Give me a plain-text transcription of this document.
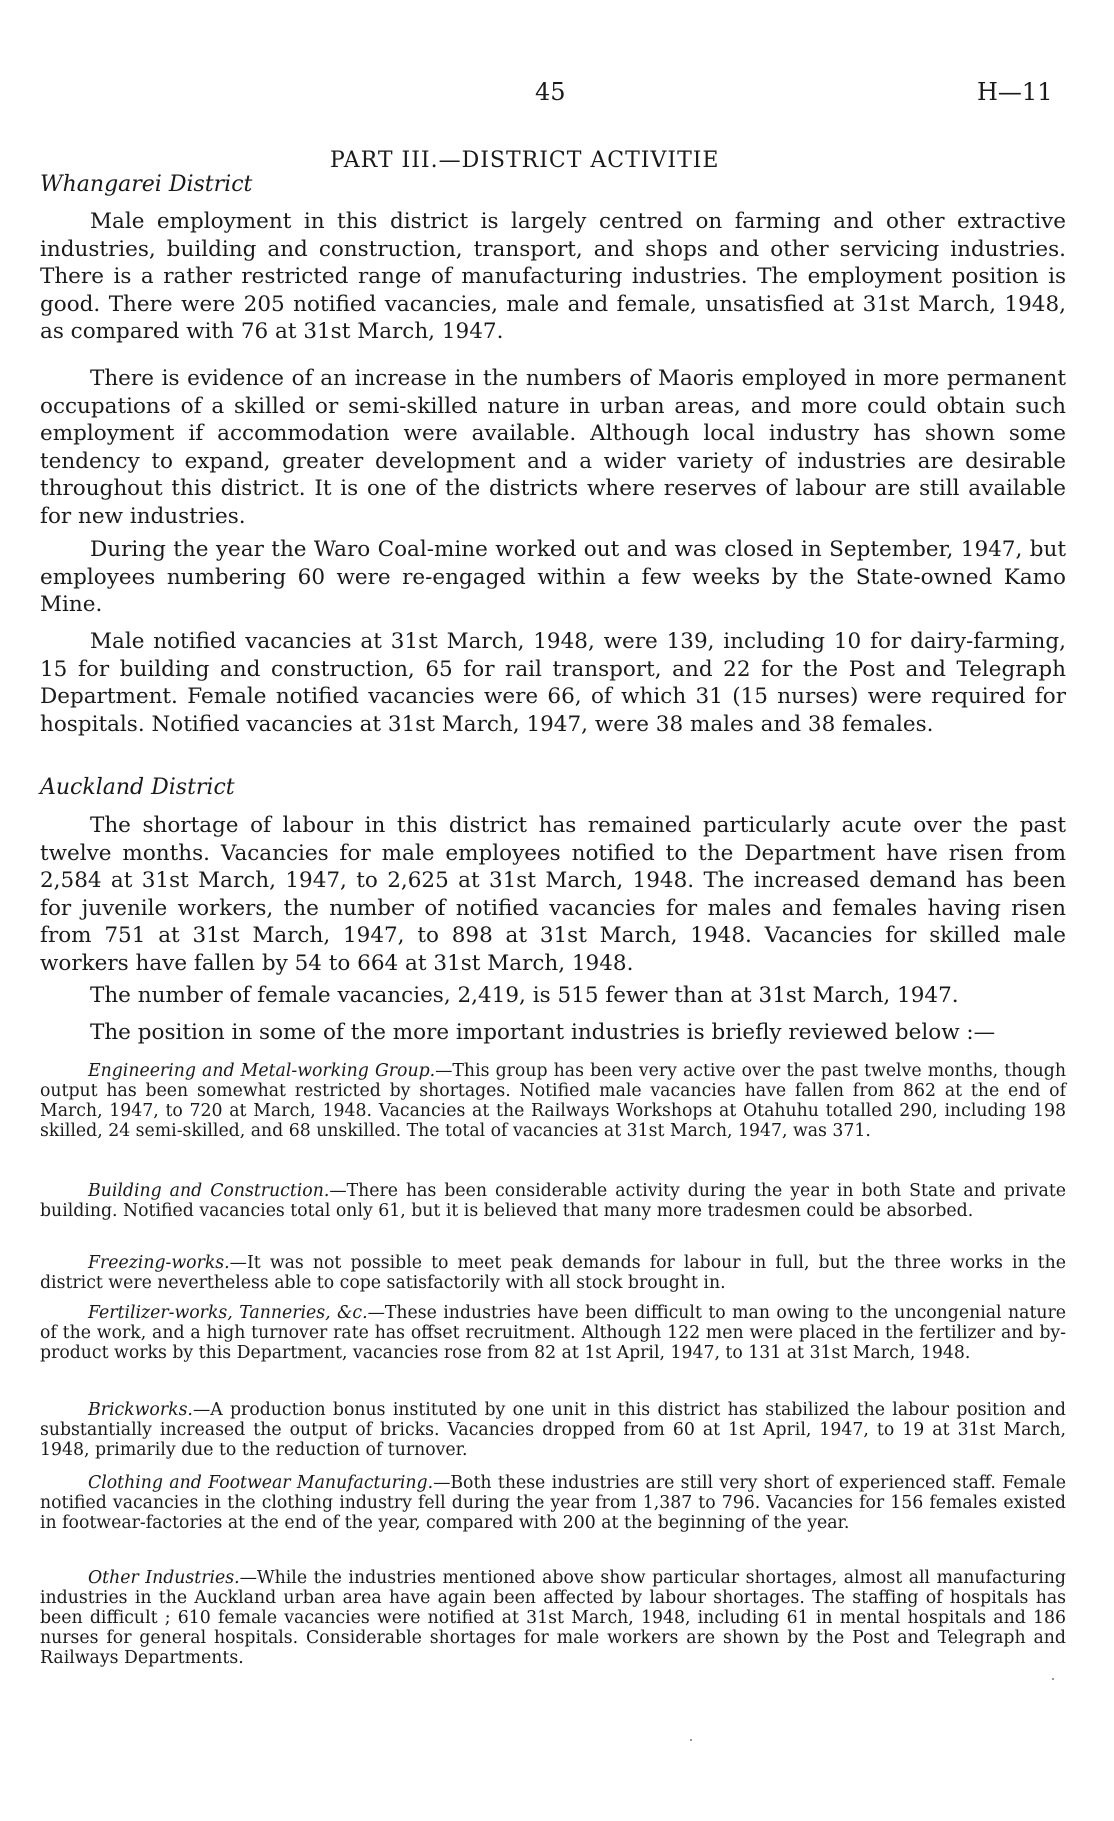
45	H—11
PART III.—DISTRICT ACTIVITIE
Whangarei District

Male employment in this district is largely centred on farming and other extractive industries, building and construction, transport, and shops and other servicing industries. There is a rather restricted range of manufacturing industries. The employment position is good. There were 205 notified vacancies, male and female, unsatisfied at 31st March, 1948, as compared with 76 at 31st March, 1947.

There is evidence of an increase in the numbers of Maoris employed in more permanent occupations of a skilled or semi-skilled nature in urban areas, and more could obtain such employment if accommodation were available. Although local industry has shown some tendency to expand, greater development and a wider variety of industries are desirable throughout this district. It is one of the districts where reserves of labour are still available for new industries.

During the year the Waro Coal-mine worked out and was closed in September, 1947, but employees numbering 60 were re-engaged within a few weeks by the State-owned Kamo Mine.

Male notified vacancies at 31st March, 1948, were 139, including 10 for dairy-farming, 15 for building and construction, 65 for rail transport, and 22 for the Post and Telegraph Department. Female notified vacancies were 66, of which 31 (15 nurses) were required for hospitals. Notified vacancies at 31st March, 1947, were 38 males and 38 females.

Auckland District

The shortage of labour in this district has remained particularly acute over the past twelve months. Vacancies for male employees notified to the Department have risen from 2,584 at 31st March, 1947, to 2,625 at 31st March, 1948. The increased demand has been for juvenile workers, the number of notified vacancies for males and females having risen from 751 at 31st March, 1947, to 898 at 31st March, 1948. Vacancies for skilled male workers have fallen by 54 to 664 at 31st March, 1948.

The number of female vacancies, 2,419, is 515 fewer than at 31st March, 1947.

The position in some of the more important industries is briefly reviewed below :—

Engineering and Metal-working Group.—This group has been very active over the past twelve months, though output has been somewhat restricted by shortages. Notified male vacancies have fallen from 862 at the end of March, 1947, to 720 at March, 1948. Vacancies at the Railways Workshops at Otahuhu totalled 290, including 198 skilled, 24 semi-skilled, and 68 unskilled. The total of vacancies at 31st March, 1947, was 371.

Building and Construction.—There has been considerable activity during the year in both State and private building. Notified vacancies total only 61, but it is believed that many more tradesmen could be absorbed.

Freezing-works.—It was not possible to meet peak demands for labour in full, but the three works in the district were nevertheless able to cope satisfactorily with all stock brought in.

Fertilizer-works, Tanneries, &c.—These industries have been difficult to man owing to the uncongenial nature of the work, and a high turnover rate has offset recruitment. Although 122 men were placed in the fertilizer and by-product works by this Department, vacancies rose from 82 at 1st April, 1947, to 131 at 31st March, 1948.

Brickworks.—A production bonus instituted by one unit in this district has stabilized the labour position and substantially increased the output of bricks. Vacancies dropped from 60 at 1st April, 1947, to 19 at 31st March, 1948, primarily due to the reduction of turnover.

Clothing and Footwear Manufacturing.—Both these industries are still very short of experienced staff. Female notified vacancies in the clothing industry fell during the year from 1,387 to 796. Vacancies for 156 females existed in footwear-factories at the end of the year, compared with 200 at the beginning of the year.

Other Industries.—While the industries mentioned above show particular shortages, almost all manufacturing industries in the Auckland urban area have again been affected by labour shortages. The staffing of hospitals has been difficult ; 610 female vacancies were notified at 31st March, 1948, including 61 in mental hospitals and 186 nurses for general hospitals. Considerable shortages for male workers are shown by the Post and Telegraph and Railways Departments.
